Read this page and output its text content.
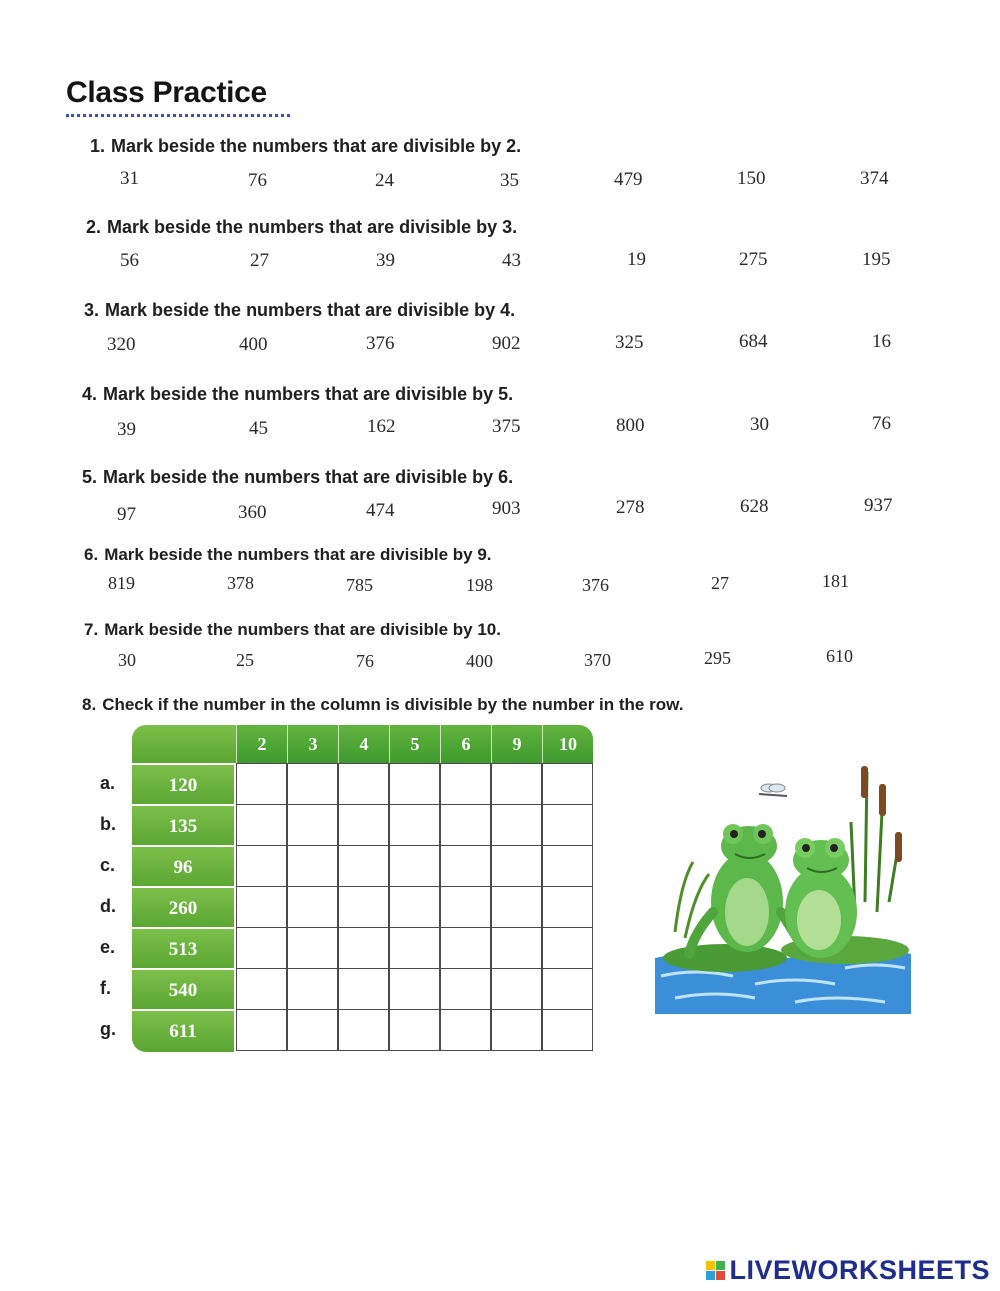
Class Practice
1. Mark beside the numbers that are divisible by 2.
31	76	24	35	479	150	374
2. Mark beside the numbers that are divisible by 3.
56	27	39	43	19	275	195
3. Mark beside the numbers that are divisible by 4.
320	400	376	902	325	684	16
4. Mark beside the numbers that are divisible by 5.
39	45	162	375	800	30	76
5. Mark beside the numbers that are divisible by 6.
97	360	474	903	278	628	937
6. Mark beside the numbers that are divisible by 9.
819	378	785	198	376	27	181
7. Mark beside the numbers that are divisible by 10.
30	25	76	400	370	295	610
8. Check if the number in the column is divisible by the number in the row.
2	3	4	5	6	9	10
a.	120
b.	135
c.	96
d.	260
e.	513
f.	540
g.	611
LIVEWORKSHEETS
